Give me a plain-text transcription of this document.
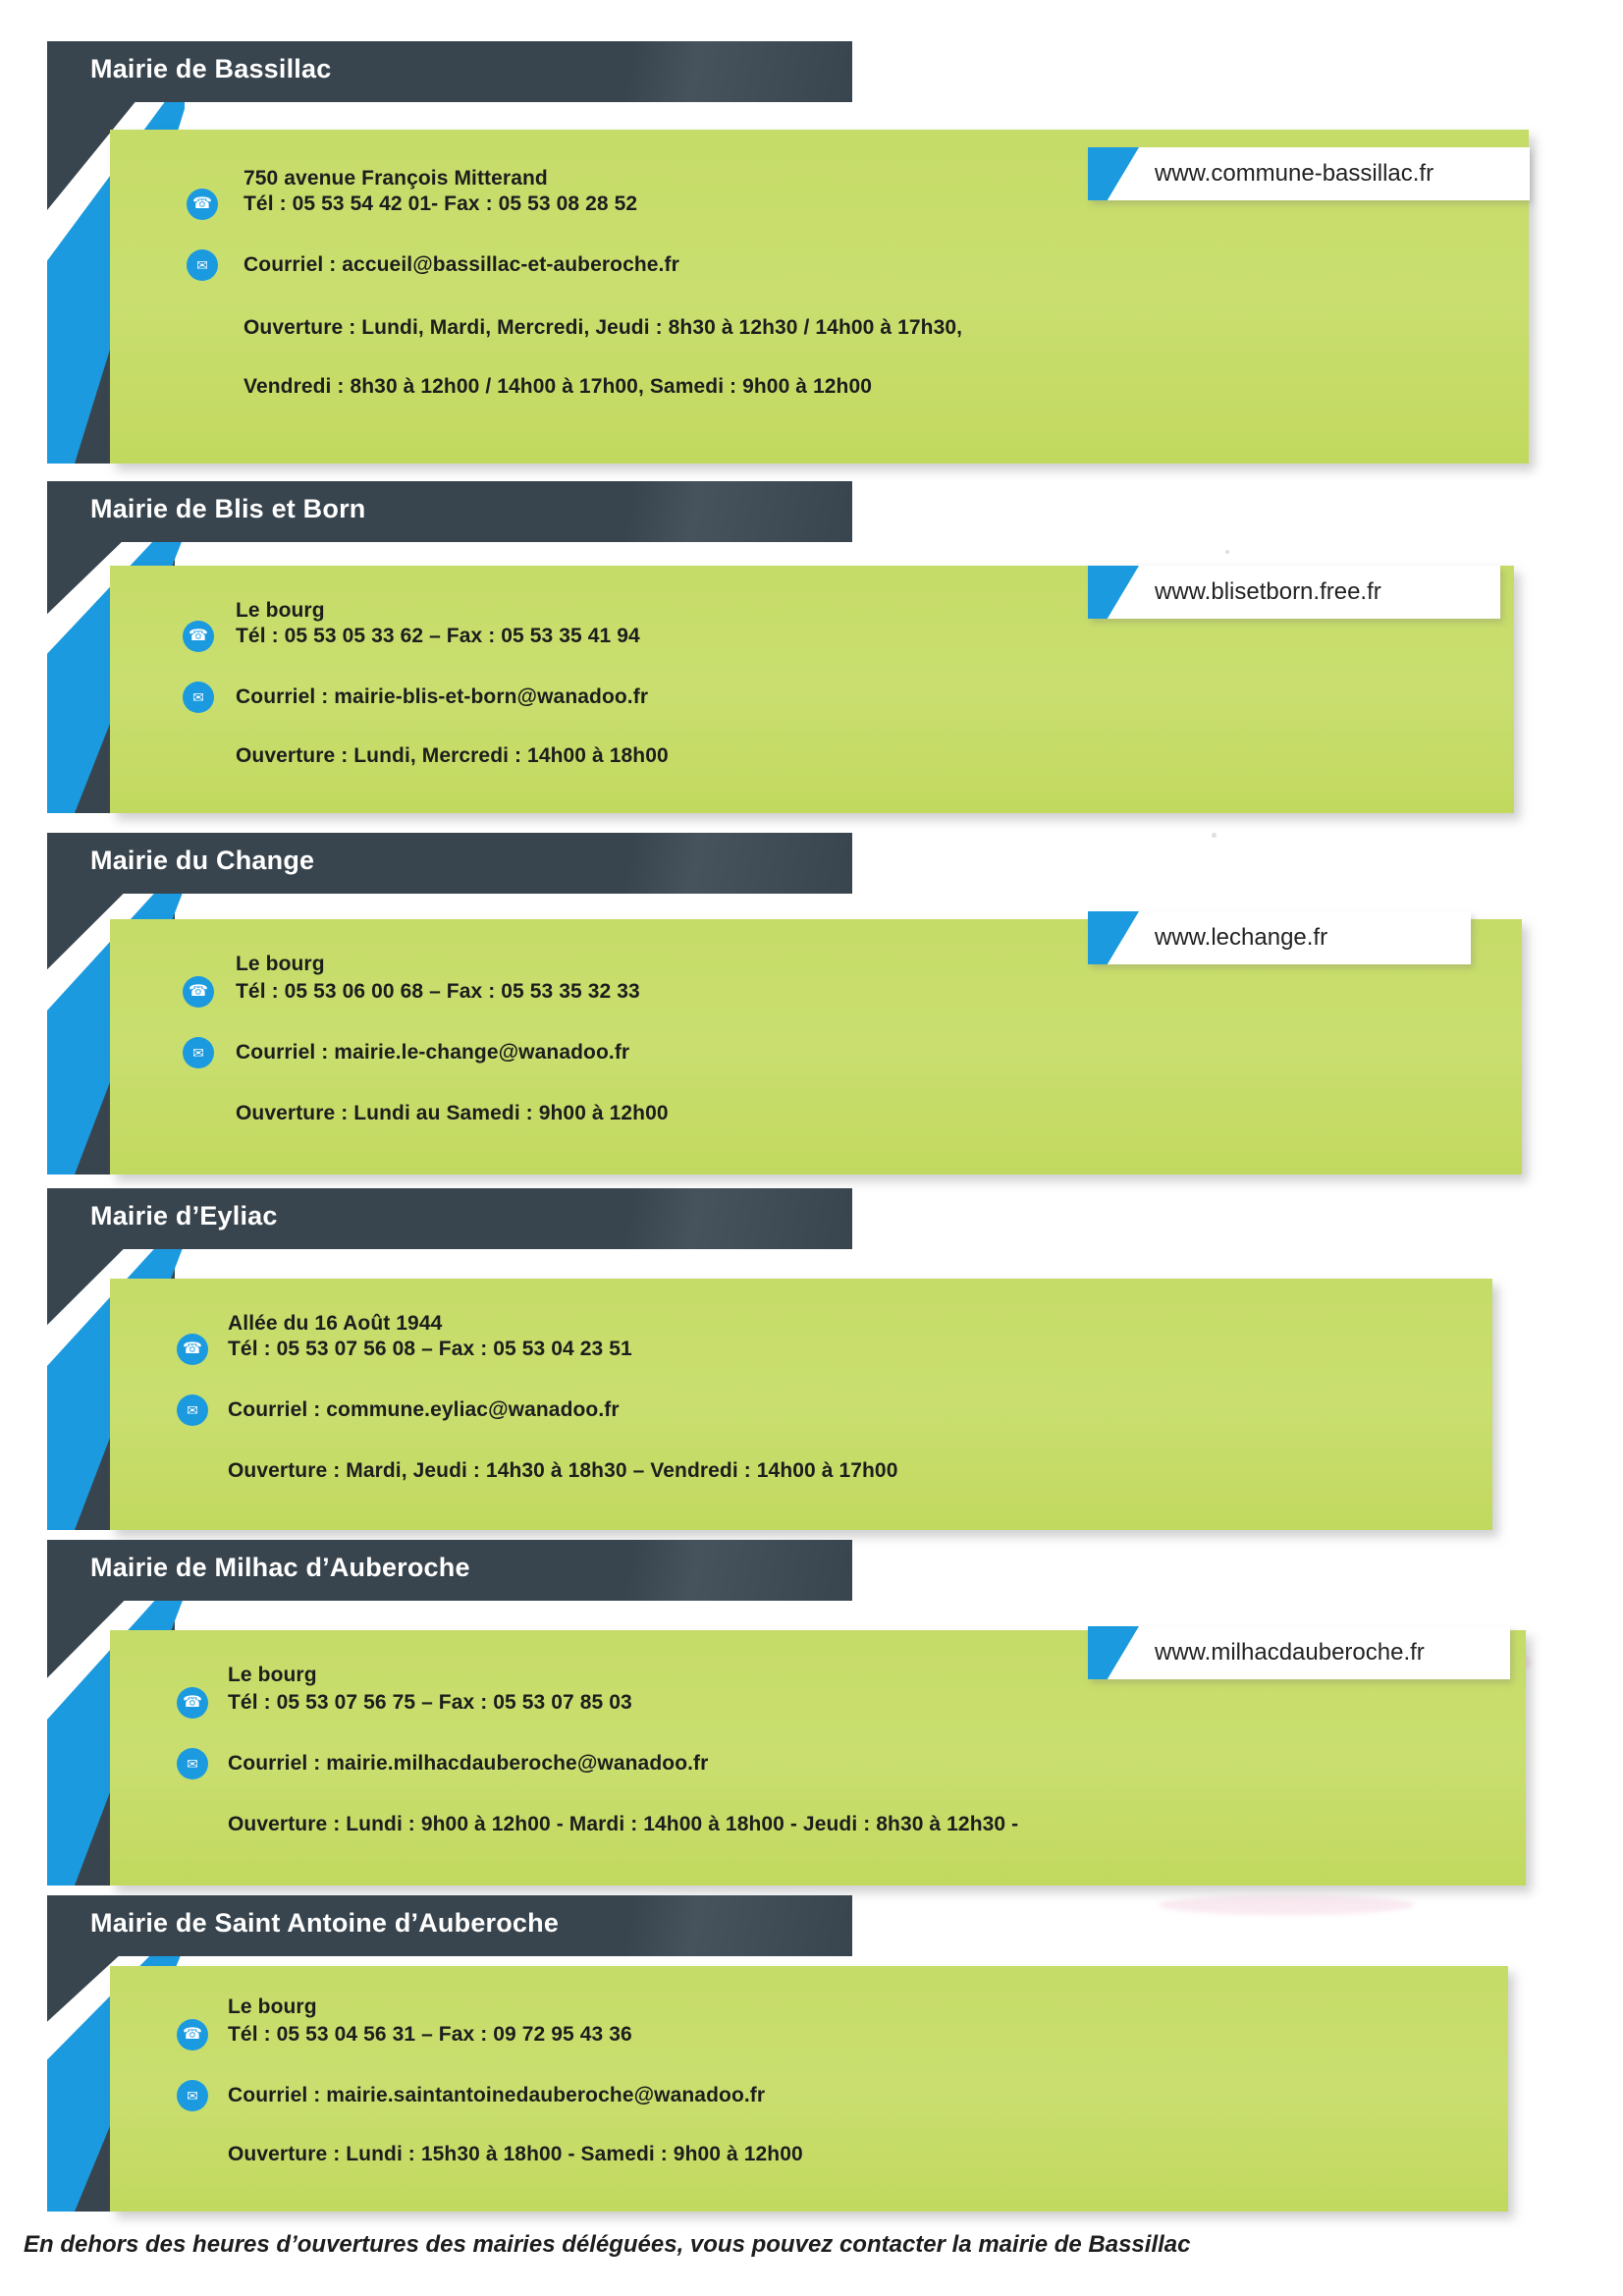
Mairie de Bassillac
750 avenue François Mitterand
☎ Tél : 05 53 54 42 01- Fax : 05 53 08 28 52
✉	Courriel : accueil@bassillac-et-auberoche.fr
Ouverture : Lundi, Mardi, Mercredi, Jeudi : 8h30 à 12h30 / 14h00 à 17h30,
Vendredi : 8h30 à 12h00 / 14h00 à 17h00, Samedi : 9h00 à 12h00
www.commune-bassillac.fr
Mairie de Blis et Born
Le bourg
☎ Tél : 05 53 05 33 62 – Fax : 05 53 35 41 94
✉	Courriel : mairie-blis-et-born@wanadoo.fr
Ouverture : Lundi, Mercredi : 14h00 à 18h00
www.blisetborn.free.fr
Mairie du Change
Le bourg
☎ Tél : 05 53 06 00 68 – Fax : 05 53 35 32 33
✉	Courriel : mairie.le-change@wanadoo.fr
Ouverture : Lundi au Samedi : 9h00 à 12h00
www.lechange.fr
Mairie d’Eyliac
Allée du 16 Août 1944
☎ Tél : 05 53 07 56 08 – Fax : 05 53 04 23 51
✉	Courriel : commune.eyliac@wanadoo.fr
Ouverture : Mardi, Jeudi : 14h30 à 18h30 – Vendredi : 14h00 à 17h00
Mairie de Milhac d’Auberoche
Le bourg
☎ Tél : 05 53 07 56 75 – Fax : 05 53 07 85 03
✉	Courriel : mairie.milhacdauberoche@wanadoo.fr
Ouverture : Lundi : 9h00 à 12h00 - Mardi : 14h00 à 18h00 - Jeudi : 8h30 à 12h30 -
www.milhacdauberoche.fr
Mairie de Saint Antoine d’Auberoche
Le bourg
☎ Tél : 05 53 04 56 31 – Fax : 09 72 95 43 36
✉	Courriel : mairie.saintantoinedauberoche@wanadoo.fr
Ouverture : Lundi : 15h30 à 18h00 - Samedi : 9h00 à 12h00
En dehors des heures d’ouvertures des mairies déléguées, vous pouvez contacter la mairie de Bassillac
